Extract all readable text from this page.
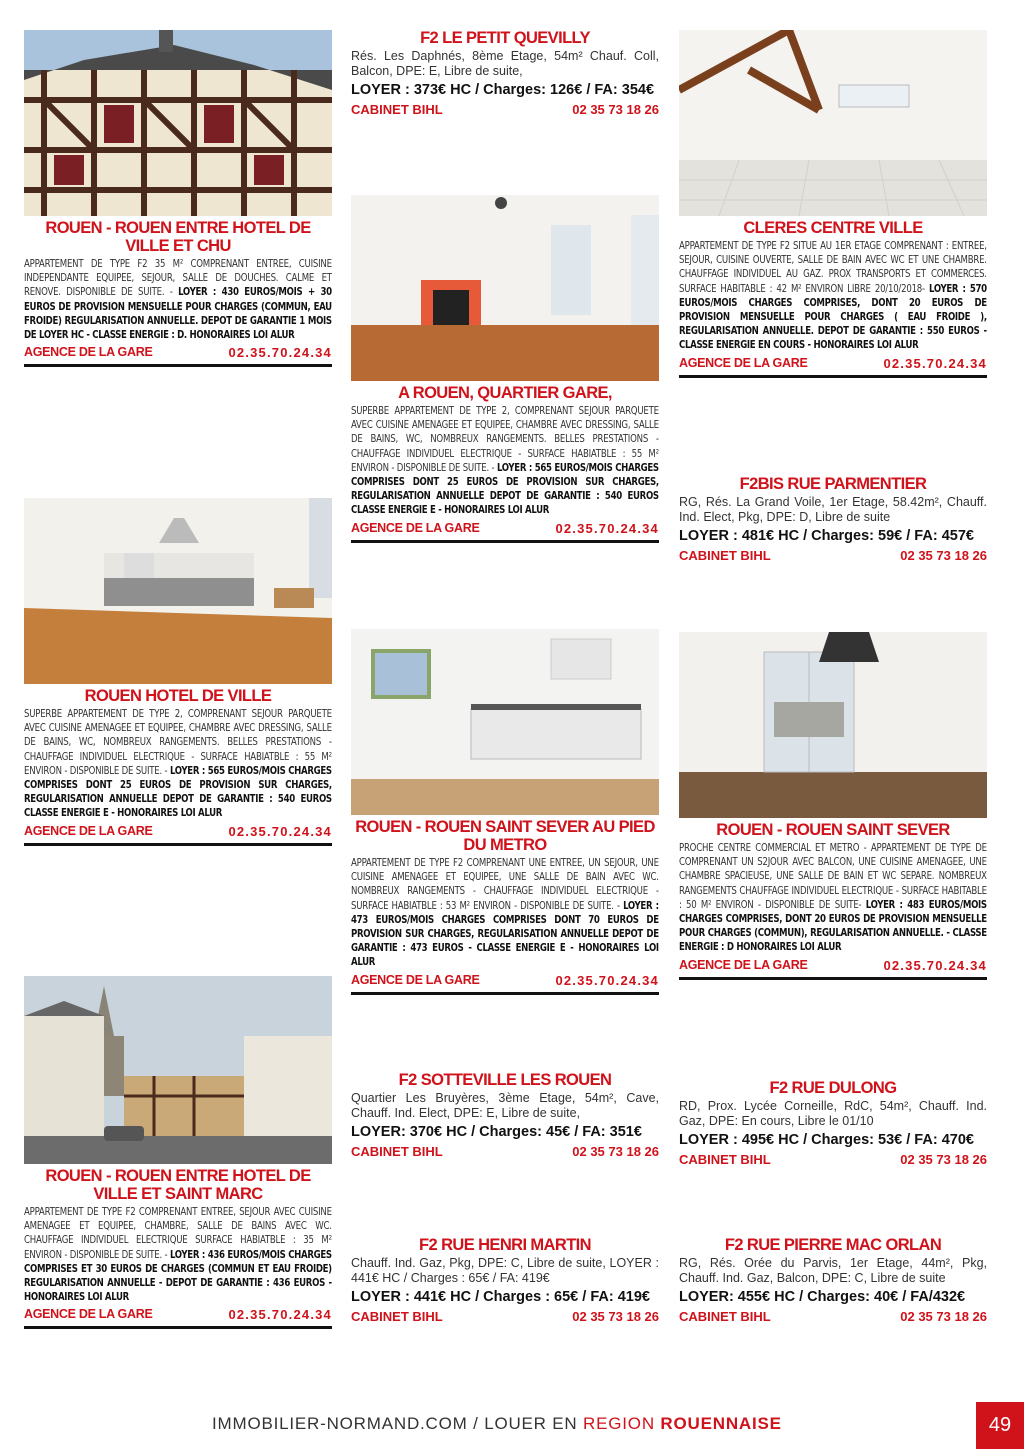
ROUEN - ROUEN ENTRE HOTEL DE VILLE ET CHU
APPARTEMENT DE TYPE F2 35 M² COMPRENANT ENTREE, CUISINE INDEPENDANTE EQUIPEE, SEJOUR, SALLE DE DOUCHES. CALME ET RENOVE. DISPONIBLE DE SUITE. - LOYER : 430 EUROS/MOIS + 30 EUROS DE PROVISION MENSUELLE POUR CHARGES (COMMUN, EAU FROIDE) REGULARISATION ANNUELLE. DEPOT DE GARANTIE 1 MOIS DE LOYER HC - CLASSE ENERGIE : D. HONORAIRES LOI ALUR
AGENCE DE LA GARE	02.35.70.24.34
ROUEN HOTEL DE VILLE
SUPERBE APPARTEMENT DE TYPE 2, COMPRENANT SEJOUR PARQUETE AVEC CUISINE AMENAGEE ET EQUIPEE, CHAMBRE AVEC DRESSING, SALLE DE BAINS, WC, NOMBREUX RANGEMENTS. BELLES PRESTATIONS - CHAUFFAGE INDIVIDUEL ELECTRIQUE - SURFACE HABIATBLE : 55 M² ENVIRON - DISPONIBLE DE SUITE. - LOYER : 565 EUROS/MOIS CHARGES COMPRISES DONT 25 EUROS DE PROVISION SUR CHARGES, REGULARISATION ANNUELLE DEPOT DE GARANTIE : 540 EUROS CLASSE ENERGIE E - HONORAIRES LOI ALUR
AGENCE DE LA GARE	02.35.70.24.34
ROUEN - ROUEN ENTRE HOTEL DE VILLE ET SAINT MARC
APPARTEMENT DE TYPE F2 COMPRENANT ENTREE, SEJOUR AVEC CUISINE AMENAGEE ET EQUIPEE, CHAMBRE, SALLE DE BAINS AVEC WC. CHAUFFAGE INDIVIDUEL ELECTRIQUE SURFACE HABIATBLE : 35 M² ENVIRON - DISPONIBLE DE SUITE. - LOYER : 436 EUROS/MOIS CHARGES COMPRISES ET 30 EUROS DE CHARGES (COMMUN ET EAU FROIDE) REGULARISATION ANNUELLE - DEPOT DE GARANTIE : 436 EUROS - HONORAIRES LOI ALUR
AGENCE DE LA GARE	02.35.70.24.34
F2 LE PETIT QUEVILLY
Rés. Les Daphnés, 8ème Etage, 54m² Chauf. Coll, Balcon, DPE: E, Libre de suite,
LOYER : 373€ HC / Charges: 126€ / FA: 354€
CABINET BIHL	02 35 73 18 26
A ROUEN, QUARTIER GARE,
SUPERBE APPARTEMENT DE TYPE 2, COMPRENANT SEJOUR PARQUETE AVEC CUISINE AMENAGEE ET EQUIPEE, CHAMBRE AVEC DRESSING, SALLE DE BAINS, WC, NOMBREUX RANGEMENTS. BELLES PRESTATIONS - CHAUFFAGE INDIVIDUEL ELECTRIQUE - SURFACE HABIATBLE : 55 M² ENVIRON - DISPONIBLE DE SUITE. - LOYER : 565 EUROS/MOIS CHARGES COMPRISES DONT 25 EUROS DE PROVISION SUR CHARGES, REGULARISATION ANNUELLE DEPOT DE GARANTIE : 540 EUROS CLASSE ENERGIE E - HONORAIRES LOI ALUR
AGENCE DE LA GARE	02.35.70.24.34
ROUEN - ROUEN SAINT SEVER AU PIED DU METRO
APPARTEMENT DE TYPE F2 COMPRENANT UNE ENTREE, UN SEJOUR, UNE CUISINE AMENAGEE ET EQUIPEE, UNE SALLE DE BAIN AVEC WC. NOMBREUX RANGEMENTS - CHAUFFAGE INDIVIDUEL ELECTRIQUE - SURFACE HABIATBLE : 53 M² ENVIRON - DISPONIBLE DE SUITE. - LOYER : 473 EUROS/MOIS CHARGES COMPRISES DONT 70 EUROS DE PROVISION SUR CHARGES, REGULARISATION ANNUELLE DEPOT DE GARANTIE : 473 EUROS - CLASSE ENERGIE E - HONORAIRES LOI ALUR
AGENCE DE LA GARE	02.35.70.24.34
F2 SOTTEVILLE LES ROUEN
Quartier Les Bruyères, 3ème Etage, 54m², Cave, Chauff. Ind. Elect, DPE: E, Libre de suite,
LOYER: 370€ HC / Charges: 45€ / FA: 351€
CABINET BIHL	02 35 73 18 26
F2 RUE HENRI MARTIN
Chauff. Ind. Gaz, Pkg, DPE: C, Libre de suite, LOYER : 441€ HC / Charges : 65€ / FA: 419€
LOYER : 441€ HC / Charges : 65€ / FA: 419€
CABINET BIHL	02 35 73 18 26
CLERES CENTRE VILLE
APPARTEMENT DE TYPE F2 SITUE AU 1ER ETAGE COMPRENANT : ENTREE, SEJOUR, CUISINE OUVERTE, SALLE DE BAIN AVEC WC ET UNE CHAMBRE. CHAUFFAGE INDIVIDUEL AU GAZ. PROX TRANSPORTS ET COMMERCES. SURFACE HABITABLE : 42 M² ENVIRON LIBRE 20/10/2018- LOYER : 570 EUROS/MOIS CHARGES COMPRISES, DONT 20 EUROS DE PROVISION MENSUELLE POUR CHARGES ( EAU FROIDE ), REGULARISATION ANNUELLE. DEPOT DE GARANTIE : 550 EUROS - CLASSE ENERGIE EN COURS - HONORAIRES LOI ALUR
AGENCE DE LA GARE	02.35.70.24.34
F2BIS RUE PARMENTIER
RG, Rés. La Grand Voile, 1er Etage, 58.42m², Chauff. Ind. Elect, Pkg, DPE: D, Libre de suite
LOYER : 481€ HC / Charges: 59€ / FA: 457€
CABINET BIHL	02 35 73 18 26
ROUEN - ROUEN SAINT SEVER
PROCHE CENTRE COMMERCIAL ET METRO - APPARTEMENT DE TYPE DE COMPRENANT UN S2JOUR AVEC BALCON, UNE CUISINE AMENAGEE, UNE CHAMBRE SPACIEUSE, UNE SALLE DE BAIN ET WC SEPARE. NOMBREUX RANGEMENTS CHAUFFAGE INDIVIDUEL ELECTRIQUE - SURFACE HABITABLE : 50 M² ENVIRON - DISPONIBLE DE SUITE- LOYER : 483 EUROS/MOIS CHARGES COMPRISES, DONT 20 EUROS DE PROVISION MENSUELLE POUR CHARGES (COMMUN), REGULARISATION ANNUELLE. - CLASSE ENERGIE : D HONORAIRES LOI ALUR
AGENCE DE LA GARE	02.35.70.24.34
F2 RUE DULONG
RD, Prox. Lycée Corneille, RdC, 54m², Chauff. Ind. Gaz, DPE: En cours, Libre le 01/10
LOYER : 495€ HC / Charges: 53€ / FA: 470€
CABINET BIHL	02 35 73 18 26
F2 RUE PIERRE MAC ORLAN
RG, Rés. Orée du Parvis, 1er Etage, 44m², Pkg, Chauff. Ind. Gaz, Balcon, DPE: C, Libre de suite
LOYER: 455€ HC / Charges: 40€ / FA/432€
CABINET BIHL	02 35 73 18 26
IMMOBILIER-NORMAND.COM / LOUER EN REGION ROUENNAISE	49
